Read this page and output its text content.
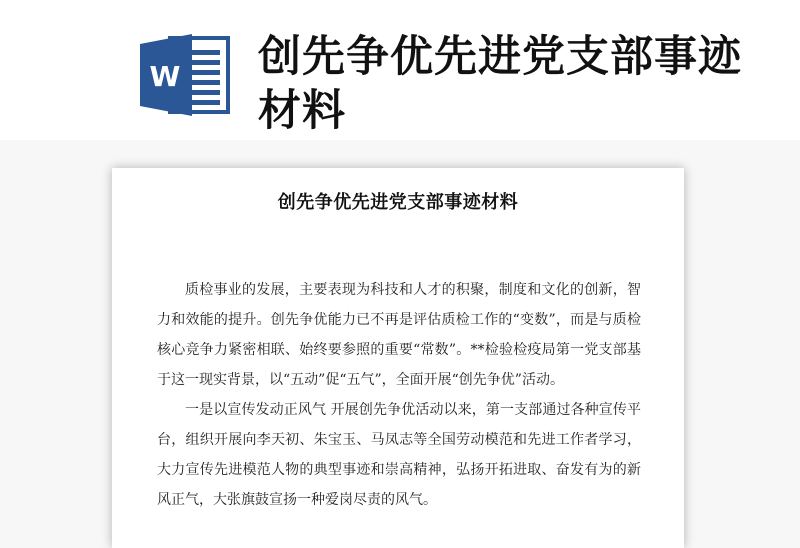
W 创先争优先进党支部事迹材料
创先争优先进党支部事迹材料

质检事业的发展，主要表现为科技和人才的积聚，制度和文化的创新，智力和效能的提升。创先争优能力已不再是评估质检工作的“变数”，而是与质检核心竞争力紧密相联、始终要参照的重要“常数”。**检验检疫局第一党支部基于这一现实背景，以“五动”促“五气”，全面开展“创先争优”活动。

一是以宣传发动正风气 开展创先争优活动以来，第一支部通过各种宣传平台，组织开展向李天初、朱宝玉、马凤志等全国劳动模范和先进工作者学习，大力宣传先进模范人物的典型事迹和崇高精神，弘扬开拓进取、奋发有为的新风正气，大张旗鼓宣扬一种爱岗尽责的风气。
